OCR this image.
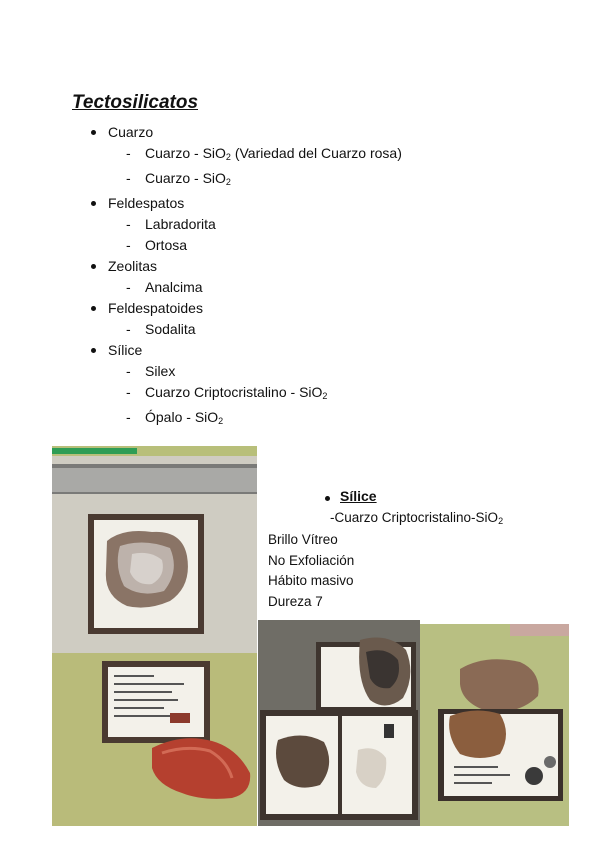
Tectosilicatos
Cuarzo
- Cuarzo - SiO$_2$ (Variedad del Cuarzo rosa)
- Cuarzo - SiO$_2$
Feldespatos
- Labradorita
- Ortosa
Zeolitas
- Analcima
Feldespatoides
- Sodalita
Sílice
- Silex
- Cuarzo Criptocristalino - SiO$_2$
- Ópalo - SiO$_2$
Sílice
-Cuarzo Criptocristalino-SiO$_2$
Brillo Vítreo
No Exfoliación
Hábito masivo
Dureza 7
